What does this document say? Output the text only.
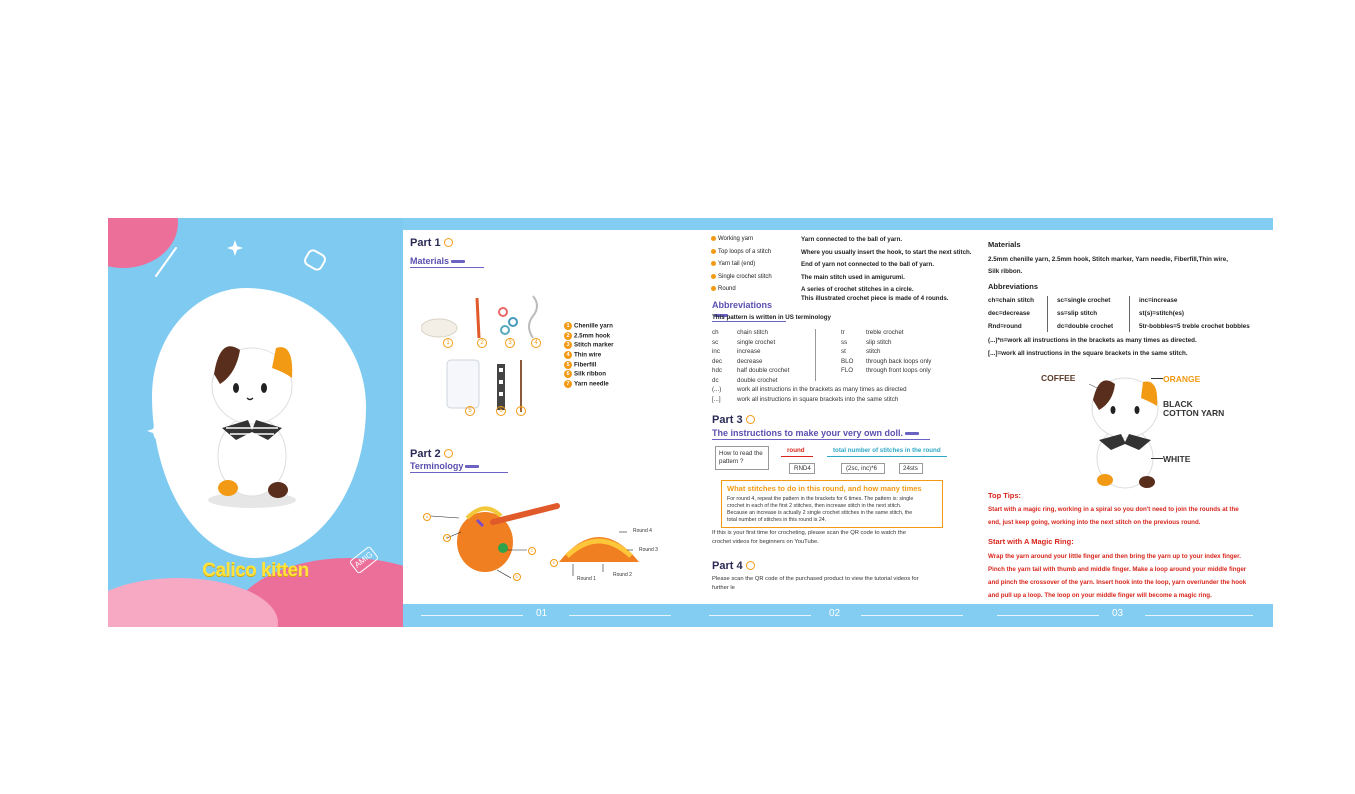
Calico kitten
AMIG
Part 1
Materials
1	2	3	4
5	6	7
1 Chenille yarn
2 2.5mm hook
3 Stitch marker
4 Thin wire
5 Fiberfill
6 Silk ribbon
7 Yarn needle
Part 2
Terminology
A
B
C
D
E
Round 4
Round 3
Round 2
Round 1
Working yarn	Yarn connected to the ball of yarn.
Top loops of a stitch	Where you usually insert the hook, to start the next stitch.
Yarn tail (end)	End of yarn not connected to the ball of yarn.
Single crochet stitch	The main stitch used in amigurumi.
Round	A series of crochet stitches in a circle.
This illustrated crochet piece is made of 4 rounds.
Abbreviations
This pattern is written in US terminology
ch	chain stitch
sc	single crochet
inc	increase
dec decrease
hdc half double crochet
dc	double crochet
tr	treble crochet
ss	slip stitch
st	stitch
BLO through back loops only
FLO through front loops only
(...)	work all instructions in the brackets as many times as directed
[...]	work all instructions in square brackets into the same stitch
Part 3
The instructions to make your very own doll.
How to read the pattern ?
round	total number of stitches in the round
RND4	(2sc, inc)*6	24sts
What stitches to do in this round, and how many times
For round 4, repeat the pattern in the brackets for 6 times. The pattern is: single
crochet in each of the first 2 stitches, then increase stitch in the next stitch.
Because an increase is actually 2 single crochet stitches in the same stitch, the
total number of stitches in this round is 24.
If this is your first time for crocheting, please scan the QR code to watch the
crochet videos for beginners on YouTube.
Part 4
Please scan the QR code of the purchased product to view the tutorial videos for
further le
Materials
2.5mm chenille yarn, 2.5mm hook, Stitch marker, Yarn needle, Fiberfill,Thin wire,
Silk ribbon.
Abbreviations
ch=chain stitch	sc=single crochet	inc=increase
dec=decrease	ss=slip stitch	st(s)=stitch(es)
Rnd=round	dc=double crochet	5tr-bobbles=5 treble crochet bobbles
(...)*n=work all instructions in the brackets as many times as directed.
[...]=work all instructions in the square brackets in the same stitch.
COFFEE	ORANGE
BLACK
COTTON YARN
WHITE
Top Tips:
Start with a magic ring, working in a spiral so you don't need to join the rounds at the
end, just keep going, working into the next stitch on the previous round.
Start with A Magic Ring:
Wrap the yarn around your little finger and then bring the yarn up to your index finger.
Pinch the yarn tail with thumb and middle finger. Make a loop around your middle finger
and pinch the crossover of the yarn. Insert hook into the loop, yarn over/under the hook
and pull up a loop. The loop on your middle finger will become a magic ring.
01	02	03
